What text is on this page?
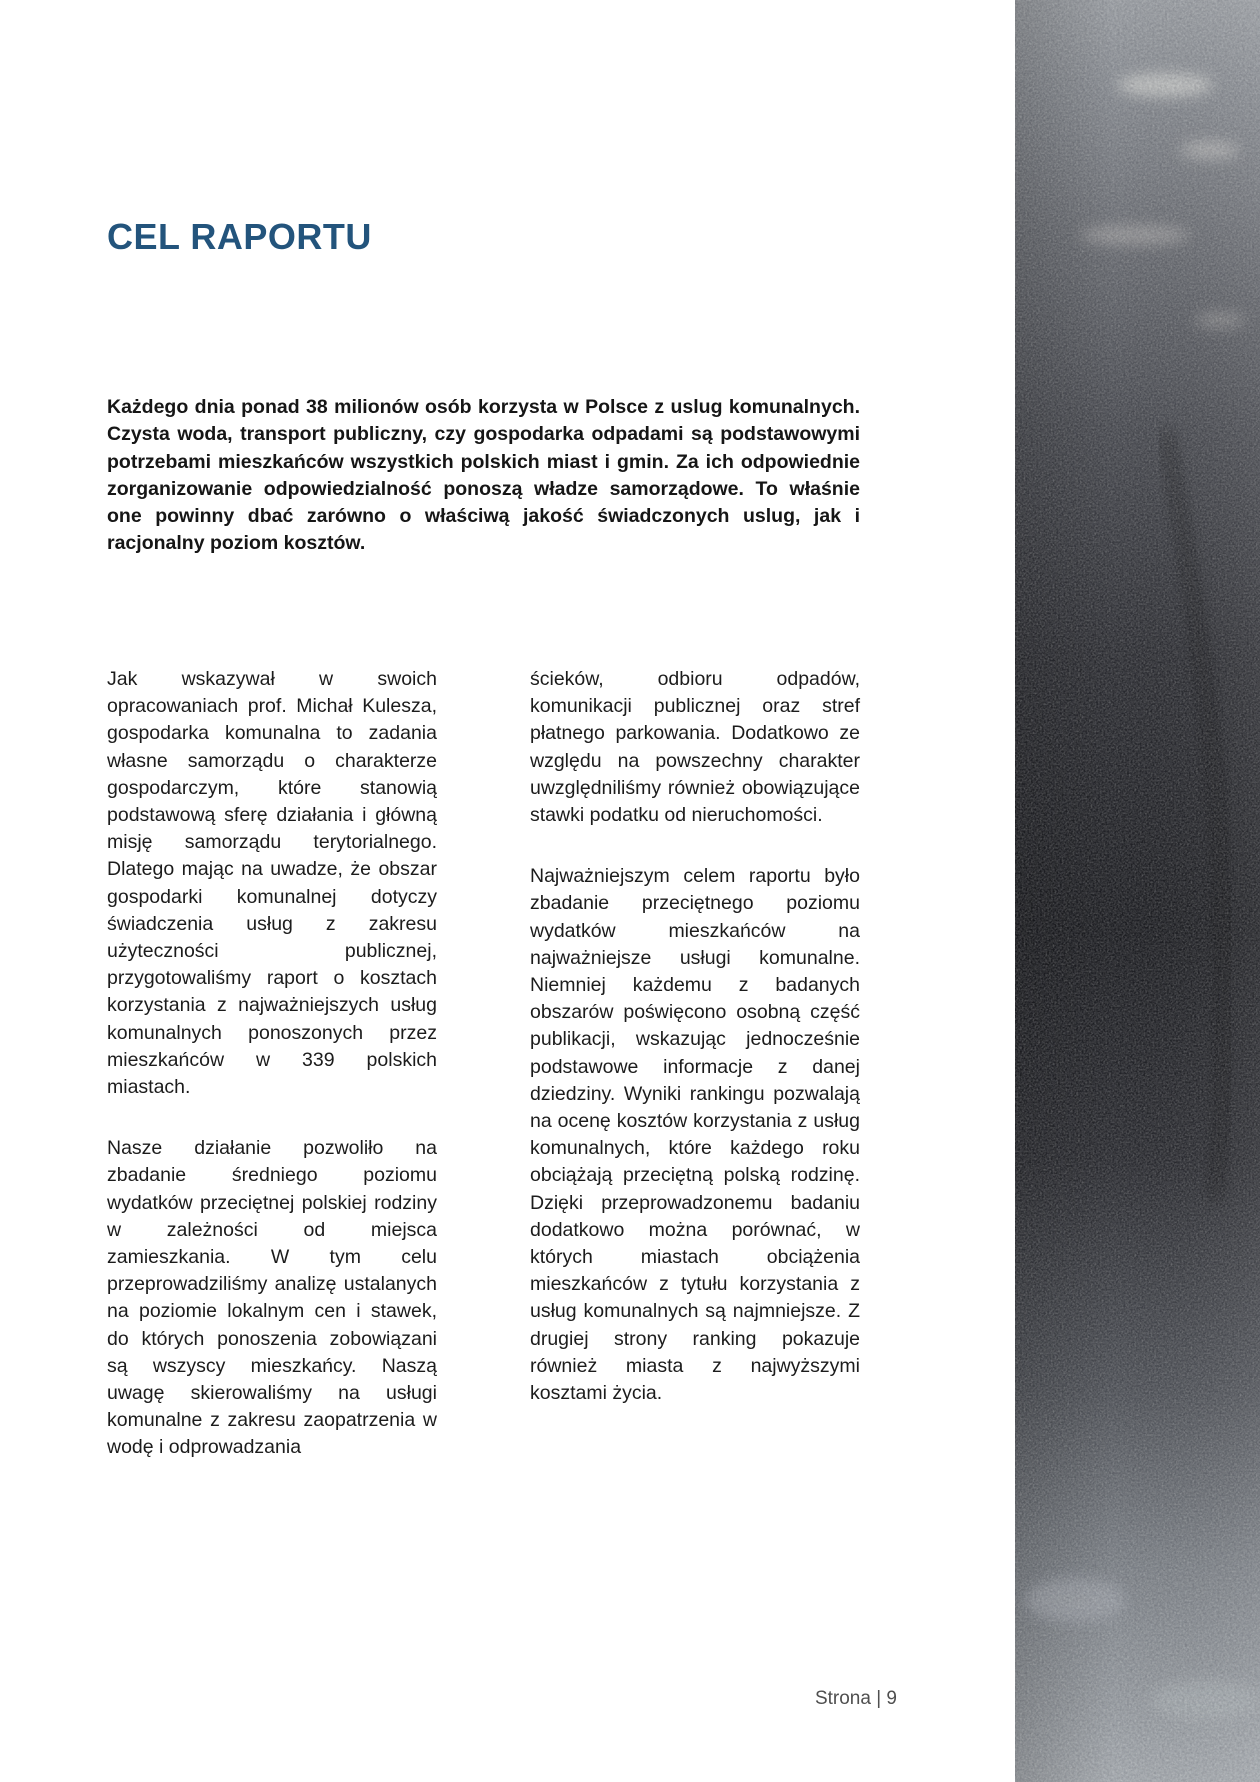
CEL RAPORTU

Każdego dnia ponad 38 milionów osób korzysta w Polsce z uslug komunalnych. Czysta woda, transport publiczny, czy gospodarka odpadami są podstawowymi potrzebami mieszkańców wszystkich polskich miast i gmin. Za ich odpowiednie zorganizowanie odpowiedzialność ponoszą władze samorządowe. To właśnie one powinny dbać zarówno o właściwą jakość świadczonych uslug, jak i racjonalny poziom kosztów.

Jak wskazywał w swoich opracowaniach prof. Michał Kulesza, gospodarka komunalna to zadania własne samorządu o charakterze gospodarczym, które stanowią podstawową sferę działania i główną misję samorządu terytorialnego. Dlatego mając na uwadze, że obszar gospodarki komunalnej dotyczy świadczenia usług z zakresu użyteczności publicznej, przygotowaliśmy raport o kosztach korzystania z najważniejszych usług komunalnych ponoszonych przez mieszkańców w 339 polskich miastach.

Nasze działanie pozwoliło na zbadanie średniego poziomu wydatków przeciętnej polskiej rodziny w zależności od miejsca zamieszkania. W tym celu przeprowadziliśmy analizę ustalanych na poziomie lokalnym cen i stawek, do których ponoszenia zobowiązani są wszyscy mieszkańcy. Naszą uwagę skierowaliśmy na usługi komunalne z zakresu zaopatrzenia w wodę i odprowadzania

ścieków, odbioru odpadów, komunikacji publicznej oraz stref płatnego parkowania. Dodatkowo ze względu na powszechny charakter uwzględniliśmy również obowiązujące stawki podatku od nieruchomości.

Najważniejszym celem raportu było zbadanie przeciętnego poziomu wydatków mieszkańców na najważniejsze usługi komunalne. Niemniej każdemu z badanych obszarów poświęcono osobną część publikacji, wskazując jednocześnie podstawowe informacje z danej dziedziny. Wyniki rankingu pozwalają na ocenę kosztów korzystania z usług komunalnych, które każdego roku obciążają przeciętną polską rodzinę. Dzięki przeprowadzonemu badaniu dodatkowo można porównać, w których miastach obciążenia mieszkańców z tytułu korzystania z usług komunalnych są najmniejsze. Z drugiej strony ranking pokazuje również miasta z najwyższymi kosztami życia.

Strona | 9
